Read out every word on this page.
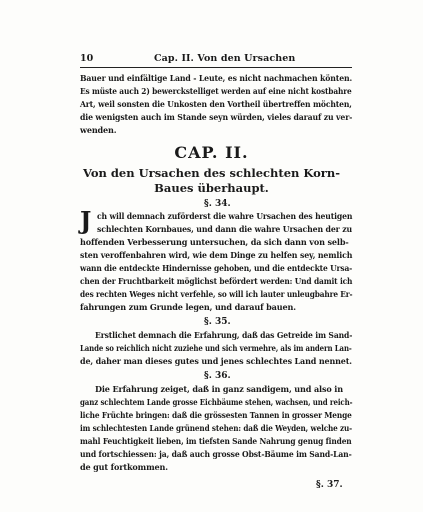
10	Cap. II. Von den Ursachen
Bauer und einfältige Land - Leute, es nicht nachmachen könten.
Es müste auch 2) bewerckstelliget werden auf eine nicht kostbahre
Art, weil sonsten die Unkosten den Vortheil übertreffen möchten,
die wenigsten auch im Stande seyn würden, vieles darauf zu ver-
wenden.
CAP. II.
Von den Ursachen des schlechten Korn-
Baues überhaupt.
§. 34.
J ch will demnach zuförderst die wahre Ursachen des heutigen
schlechten Kornbaues, und dann die wahre Ursachen der zu
hoffenden Verbesserung untersuchen, da sich dann von selb-
sten veroffenbahren wird, wie dem Dinge zu helfen sey, nemlich
wann die entdeckte Hindernisse gehoben, und die entdeckte Ursa-
chen der Fruchtbarkeit möglichst befördert werden: Und damit ich
des rechten Weges nicht verfehle, so will ich lauter unleugbahre Er-
fahrungen zum Grunde legen, und darauf bauen.
§. 35.
Erstlichet demnach die Erfahrung, daß das Getreide im Sand-
Lande so reichlich nicht zuziehe und sich vermehre, als im andern Lan-
de, daher man dieses gutes und jenes schlechtes Land nennet.
§. 36.
Die Erfahrung zeiget, daß in ganz sandigem, und also in
ganz schlechtem Lande grosse Eichbäume stehen, wachsen, und reich-
liche Früchte bringen: daß die grössesten Tannen in grosser Menge
im schlechtesten Lande grünend stehen: daß die Weyden, welche zu-
mahl Feuchtigkeit lieben, im tiefsten Sande Nahrung genug finden
und fortschiessen: ja, daß auch grosse Obst-Bäume im Sand-Lan-
de gut fortkommen.
§. 37.
